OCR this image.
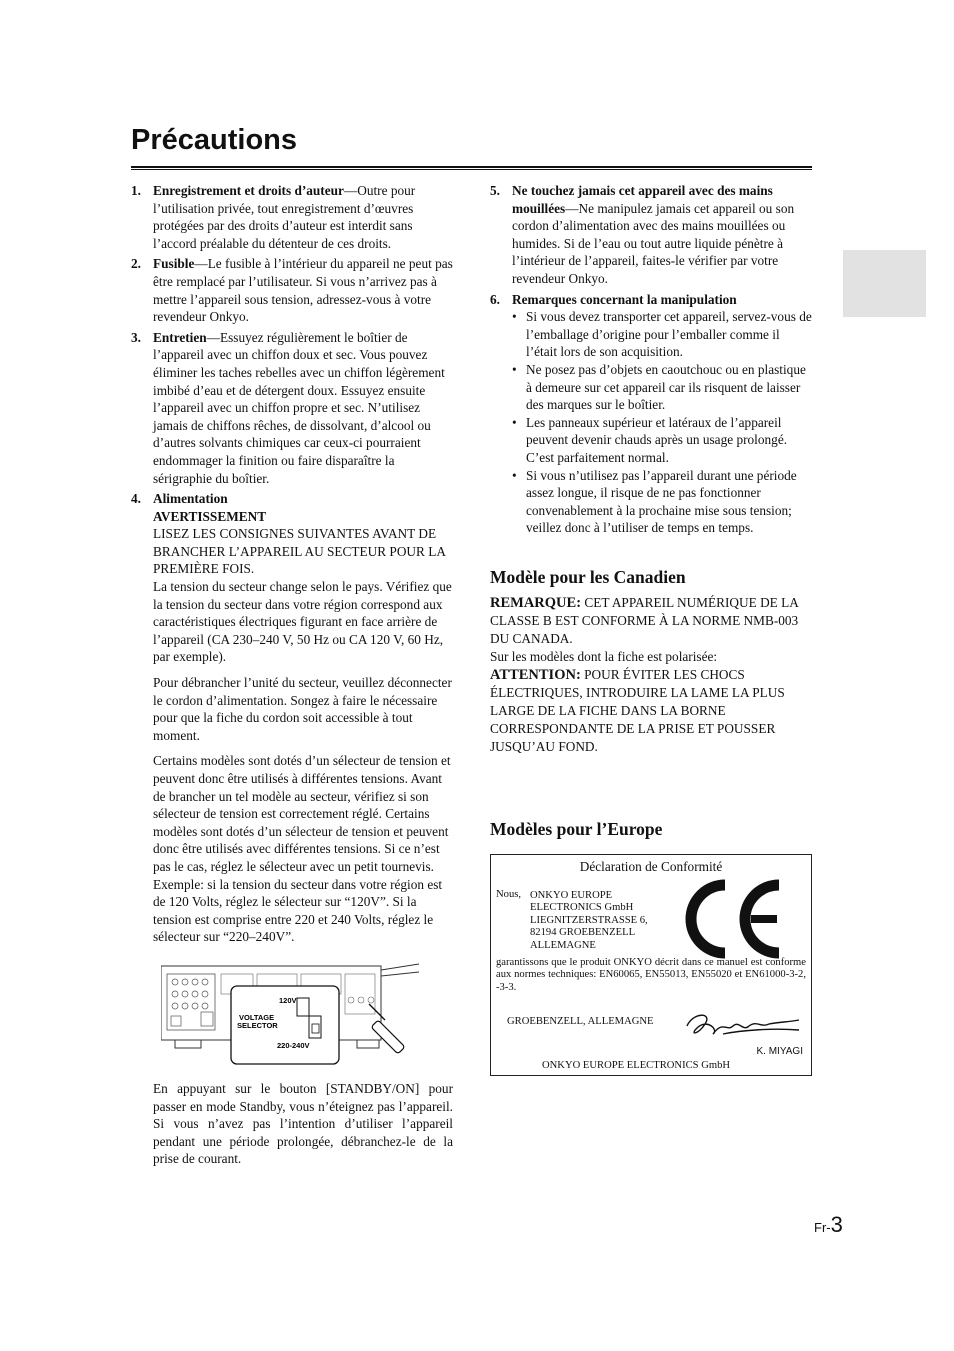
Précautions
1. Enregistrement et droits d’auteur—Outre pour l’utilisation privée, tout enregistrement d’œuvres protégées par des droits d’auteur est interdit sans l’accord préalable du détenteur de ces droits.
2. Fusible—Le fusible à l’intérieur du appareil ne peut pas être remplacé par l’utilisateur. Si vous n’arrivez pas à mettre l’appareil sous tension, adressez-vous à votre revendeur Onkyo.
3. Entretien—Essuyez régulièrement le boîtier de l’appareil avec un chiffon doux et sec. Vous pouvez éliminer les taches rebelles avec un chiffon légèrement imbibé d’eau et de détergent doux. Essuyez ensuite l’appareil avec un chiffon propre et sec. N’utilisez jamais de chiffons rêches, de dissolvant, d’alcool ou d’autres solvants chimiques car ceux-ci pourraient endommager la finition ou faire disparaître la sérigraphie du boîtier.
4. Alimentation
AVERTISSEMENT

LISEZ LES CONSIGNES SUIVANTES AVANT DE BRANCHER L’APPAREIL AU SECTEUR POUR LA PREMIÈRE FOIS.

La tension du secteur change selon le pays. Vérifiez que la tension du secteur dans votre région correspond aux caractéristiques électriques figurant en face arrière de l’appareil (CA 230–240 V, 50 Hz ou CA 120 V, 60 Hz, par exemple).

Pour débrancher l’unité du secteur, veuillez déconnecter le cordon d’alimentation. Songez à faire le nécessaire pour que la fiche du cordon soit accessible à tout moment.

Certains modèles sont dotés d’un sélecteur de tension et peuvent donc être utilisés à différentes tensions. Avant de brancher un tel modèle au secteur, vérifiez si son sélecteur de tension est correctement réglé. Certains modèles sont dotés d’un sélecteur de tension et peuvent donc être utilisés avec différentes tensions. Si ce n’est pas le cas, réglez le sélecteur avec un petit tournevis. Exemple: si la tension du secteur dans votre région est de 120 Volts, réglez le sélecteur sur “120V”. Si la tension est comprise entre 220 et 240 Volts, réglez le sélecteur sur “220–240V”.

120V
VOLTAGE
SELECTOR
220-240V

En appuyant sur le bouton [STANDBY/ON] pour passer en mode Standby, vous n’éteignez pas l’appareil. Si vous n’avez pas l’intention d’utiliser l’appareil pendant une période prolongée, débranchez-le de la prise de courant.

5. Ne touchez jamais cet appareil avec des mains mouillées—Ne manipulez jamais cet appareil ou son cordon d’alimentation avec des mains mouillées ou humides. Si de l’eau ou tout autre liquide pénètre à l’intérieur de l’appareil, faites-le vérifier par votre revendeur Onkyo.
6. Remarques concernant la manipulation
• Si vous devez transporter cet appareil, servez-vous de l’emballage d’origine pour l’emballer comme il l’était lors de son acquisition.
• Ne posez pas d’objets en caoutchouc ou en plastique à demeure sur cet appareil car ils risquent de laisser des marques sur le boîtier.
• Les panneaux supérieur et latéraux de l’appareil peuvent devenir chauds après un usage prolongé. C’est parfaitement normal.
• Si vous n’utilisez pas l’appareil durant une période assez longue, il risque de ne pas fonctionner convenablement à la prochaine mise sous tension; veillez donc à l’utiliser de temps en temps.
Modèle pour les Canadien
REMARQUE: CET APPAREIL NUMÉRIQUE DE LA CLASSE B EST CONFORME À LA NORME NMB-003 DU CANADA.
Sur les modèles dont la fiche est polarisée:
ATTENTION: POUR ÉVITER LES CHOCS ÉLECTRIQUES, INTRODUIRE LA LAME LA PLUS LARGE DE LA FICHE DANS LA BORNE CORRESPONDANTE DE LA PRISE ET POUSSER JUSQU’AU FOND.
Modèles pour l’Europe
Déclaration de Conformité
Nous, ONKYO EUROPE
ELECTRONICS GmbH
LIEGNITZERSTRASSE 6,
82194 GROEBENZELL
ALLEMAGNE
garantissons que le produit ONKYO décrit dans ce manuel est conforme aux normes techniques: EN60065, EN55013, EN55020 et EN61000-3-2, -3-3.
GROEBENZELL, ALLEMAGNE
K. MIYAGI
ONKYO EUROPE ELECTRONICS GmbH
Fr-3
